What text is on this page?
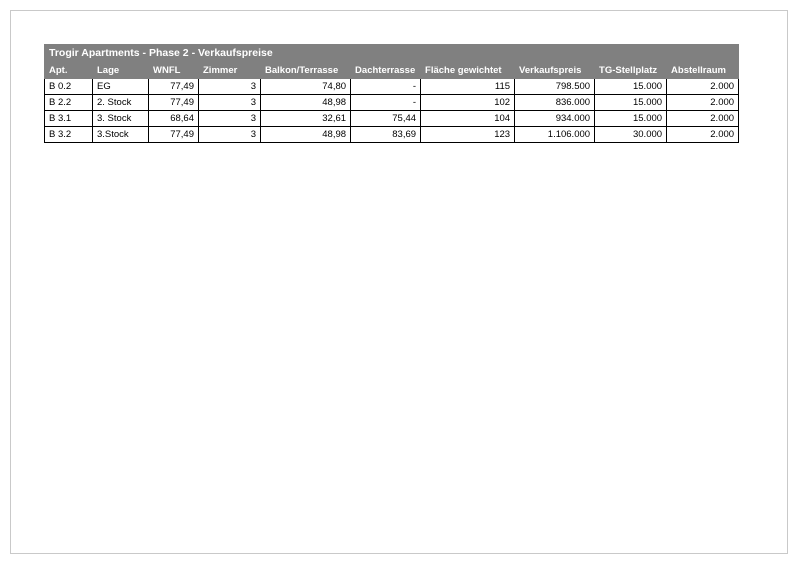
Trogir Apartments - Phase 2 - Verkaufspreise									
Apt.	Lage	WNFL	Zimmer	Balkon/Terrasse	Dachterrasse	Fläche gewichtet	Verkaufspreis	TG-Stellplatz	Abstellraum
B 0.2	EG	77,49	3	74,80	-	115	798.500	15.000	2.000
B 2.2	2. Stock	77,49	3	48,98	-	102	836.000	15.000	2.000
B 3.1	3. Stock	68,64	3	32,61	75,44	104	934.000	15.000	2.000
B 3.2	3.Stock	77,49	3	48,98	83,69	123	1.106.000	30.000	2.000
